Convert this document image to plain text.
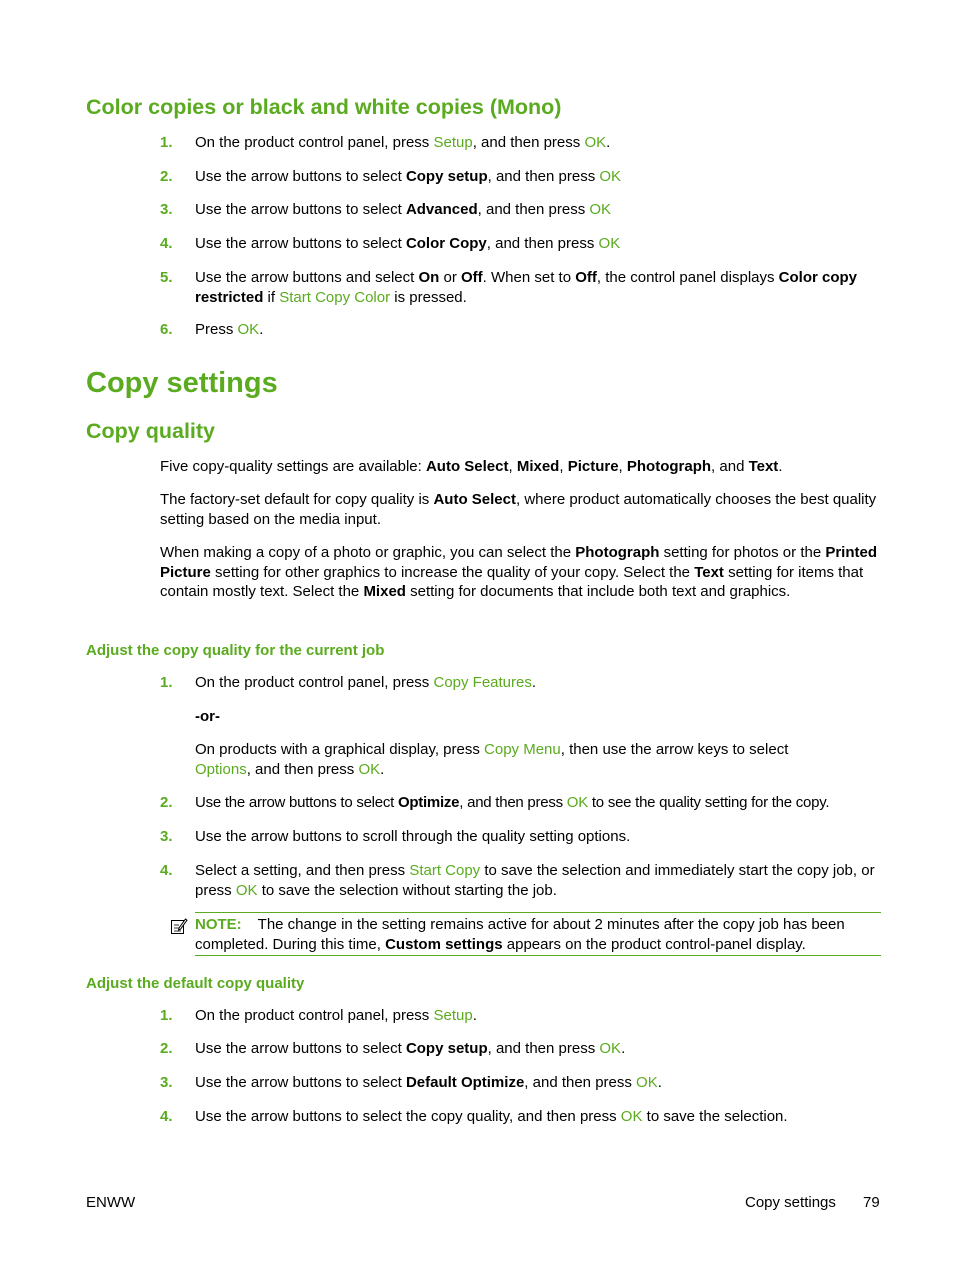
Color copies or black and white copies (Mono)
1. On the product control panel, press Setup, and then press OK.
2. Use the arrow buttons to select Copy setup, and then press OK
3. Use the arrow buttons to select Advanced, and then press OK
4. Use the arrow buttons to select Color Copy, and then press OK
5. Use the arrow buttons and select On or Off. When set to Off, the control panel displays Color copy restricted if Start Copy Color is pressed.
6. Press OK.
Copy settings
Copy quality
Five copy-quality settings are available: Auto Select, Mixed, Picture, Photograph, and Text.
The factory-set default for copy quality is Auto Select, where product automatically chooses the best quality setting based on the media input.
When making a copy of a photo or graphic, you can select the Photograph setting for photos or the Printed Picture setting for other graphics to increase the quality of your copy. Select the Text setting for items that contain mostly text. Select the Mixed setting for documents that include both text and graphics.
Adjust the copy quality for the current job
1. On the product control panel, press Copy Features.
-or-
On products with a graphical display, press Copy Menu, then use the arrow keys to select Options, and then press OK.
2. Use the arrow buttons to select Optimize, and then press OK to see the quality setting for the copy.
3. Use the arrow buttons to scroll through the quality setting options.
4. Select a setting, and then press Start Copy to save the selection and immediately start the copy job, or press OK to save the selection without starting the job.
NOTE: The change in the setting remains active for about 2 minutes after the copy job has been completed. During this time, Custom settings appears on the product control-panel display.
Adjust the default copy quality
1. On the product control panel, press Setup.
2. Use the arrow buttons to select Copy setup, and then press OK.
3. Use the arrow buttons to select Default Optimize, and then press OK.
4. Use the arrow buttons to select the copy quality, and then press OK to save the selection.
ENWW	Copy settings 79
